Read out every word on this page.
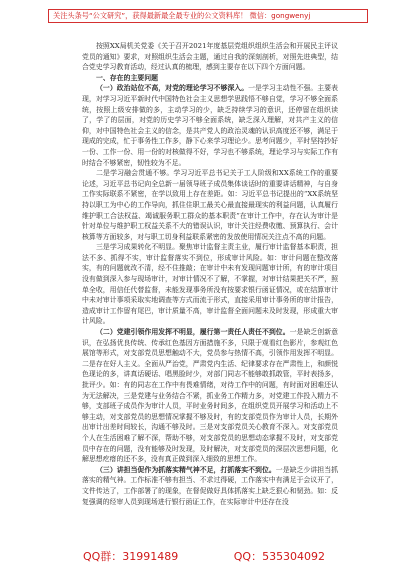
关注头条号“公文研究”，获得最新最全最专业的公文资料库！ 微信：gongwenyj

按照XX局机关党委《关于召开2021年度基层党组织组织生活会和开展民主评议党员的通知》要求，对照组织生活会主题，通过自我的深刻剖析，对照先进典型，结合党史学习教育活动，经过认真的梳理，感到主要存在以下四个方面问题。

一、存在的主要问题

（一）政治站位不高，对党的理论学习不够深入。一是学习主动性不强。主要表现，对学习习近平新时代中国特色社会主义思想学思践悟不够自觉，学习不够全面系统，按照上级安排做的多，主动学习的少，缺乏持续学习的意识，还停留在组织读了，学了的层面，对党的历史学习不够全面系统，缺乏深入理解，对共产主义的信仰，对中国特色社会主义的信念，是共产党人的政治灵魂的认识高度还不够，满足于现成的完成，忙于事务性工作多，静下心来学习理论少。思考问题少，平时坚持抄好一份、工作一份、用一份的对核做得不好，学习也不够系统，理论学习与实际工作有时结合不够紧密，韧性较为不足。

二是学习融会贯通不够。学习习近平总书记关于工人阶级和XX系统工作的重要论述，习近平总书记向全总新一届领导班子成员集体谈话时的重要讲话精神，与自身工作实际联系不紧密，在学以致用上存在差距。如：习近平总书记提出的“XX系统坚持以职工为中心的工作导向，抓住住职工最关心最直接最现实的利益问题，认真履行维护职工合法权益、竭诚服务职工群众的基本职责”在审计工作中，存在认为审计是针对单位与维护职工权益关系不大的错误认识，审计关注经费收缴、预算执行、会计核算等方面较多，对与职工切身利益联系紧密的发放使用情况关注点不高的问题。

三是学习成果转化不明显。聚焦审计监督主责主业，履行审计监督基本职责，担法不多、抓得不实，审计监督落实不到位，形成审计风险。如：审计问题在整改落实，有的问题就改不清，经不住推敲；在审计中未有发现问题审计所，有的审计项目没有做到深入参与现场审计，对审计情况不了解，不掌握，对审计结果把关不严，照单全收，用信任代替监督，未能发现事务所没有按要求银行函证情况，或在结算审计中未对审计事项采取实地调查等方式而流于形式，直接采用审计事务所的审计报告，造成审计工作留有尾巴，审计质量不高，审计监督全面问题未及时发现，形成重大审计风险。

（二）党建引领作用发挥不明显，履行第一责任人责任不到位。一是缺乏创新意识，在弘扬优良传统、传承红色基因方面措施不多，只限于观看红色影片，参观红色展馆等形式，对支部党员思想触动不大，党员参与热情不高，引领作用发挥不明显。二是存在好人主义。全面从严治党，严肃党内生活、纪律要求存在严肃性上，和颜悦色现论的多，讲真话硬话、唱黑脸时少，对部门同志不能够敢抓敢管，平时表扬多，批评少。如：有的同志在工作中有畏难情绪，对待工作中的问题，有时面对困难还认为无法解决，三是党建与业务结合不紧，抓业务工作精力多，对党建工作投入精力不够，支部班子成员作为审计人员，平时业务时间多，在组织党员开展学习和活动上不够主动，对支部党员的思想情况掌握不够及时，有的支部党员作为审计人员，长期外出审计出差时间较长，沟通不够及时。三是对支部党员关心教育不深入。对支部党员个人在生活困难了解不深，帮助不够，对支部党员的思想动态掌握不及时，对支部党员中存在的问题，没有能够及时发现，及时解决，对支部党员的深层次思想问题，化解思想疙瘩的还不多，没有真正做到深入细致的思想工作。

（三）讲担当促作为抓落实精气神不足，打抓落实不到位。一是缺乏少讲担当抓落实的精气神。工作标准不够有担当、不求过得硬，工作落实中有满足于会议开了，文件传达了，工作部署了的现象，在督促做好具体抓落实上缺乏狠心和韧劲。如：反复强调的经审人员到现场进行银行函证工作，在实际审计中还存在没

QQ群：31991489	QQ：535304092
